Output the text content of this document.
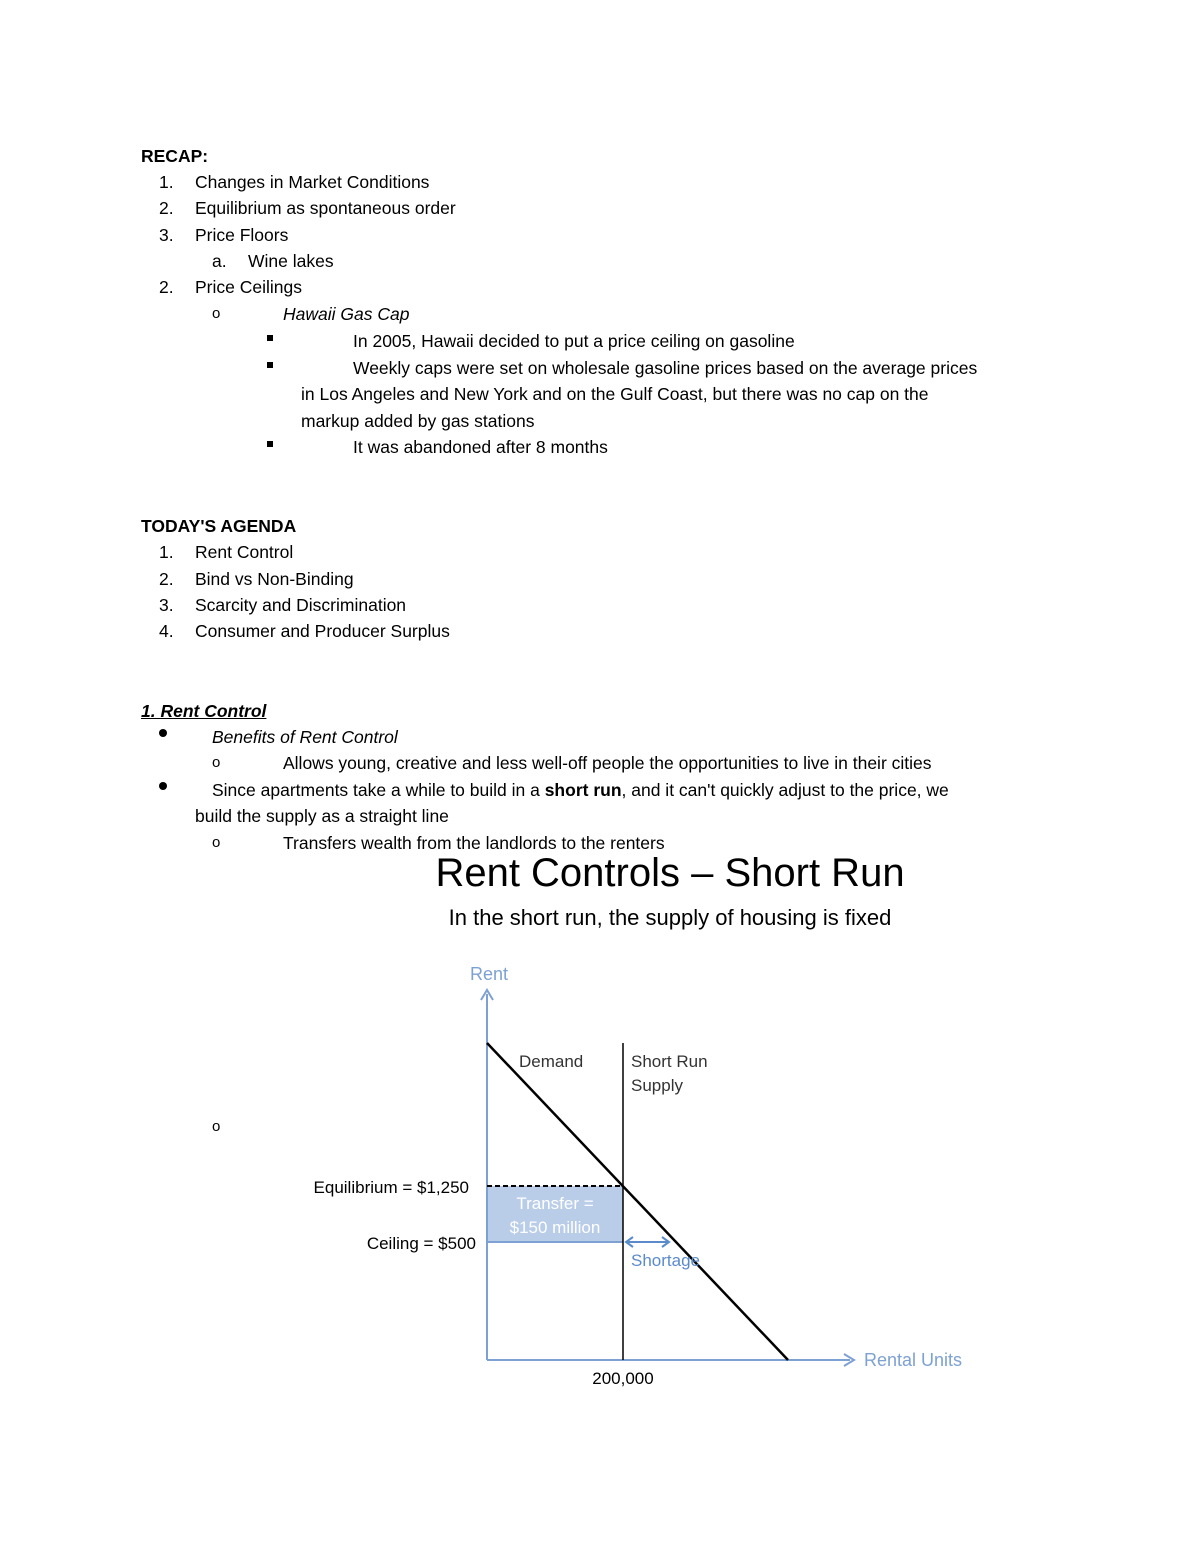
RECAP:
1. Changes in Market Conditions
2. Equilibrium as spontaneous order
3. Price Floors
a. Wine lakes
2. Price Ceilings
o	Hawaii Gas Cap
In 2005, Hawaii decided to put a price ceiling on gasoline
Weekly caps were set on wholesale gasoline prices based on the average prices
in Los Angeles and New York and on the Gulf Coast, but there was no cap on the
markup added by gas stations
It was abandoned after 8 months
TODAY'S AGENDA
1. Rent Control
2. Bind vs Non-Binding
3. Scarcity and Discrimination
4. Consumer and Producer Surplus
1. Rent Control
Benefits of Rent Control
o	Allows young, creative and less well-off people the opportunities to live in their cities
Since apartments take a while to build in a short run, and it can't quickly adjust to the price, we
build the supply as a straight line
o	Transfers wealth from the landlords to the renters
o
Rent Controls – Short Run
In the short run, the supply of housing is fixed
Transfer =
$150 million
Rent
Rental Units
Shortage
Demand	Short Run
Supply
Equilibrium = $1,250
Ceiling = $500
200,000
